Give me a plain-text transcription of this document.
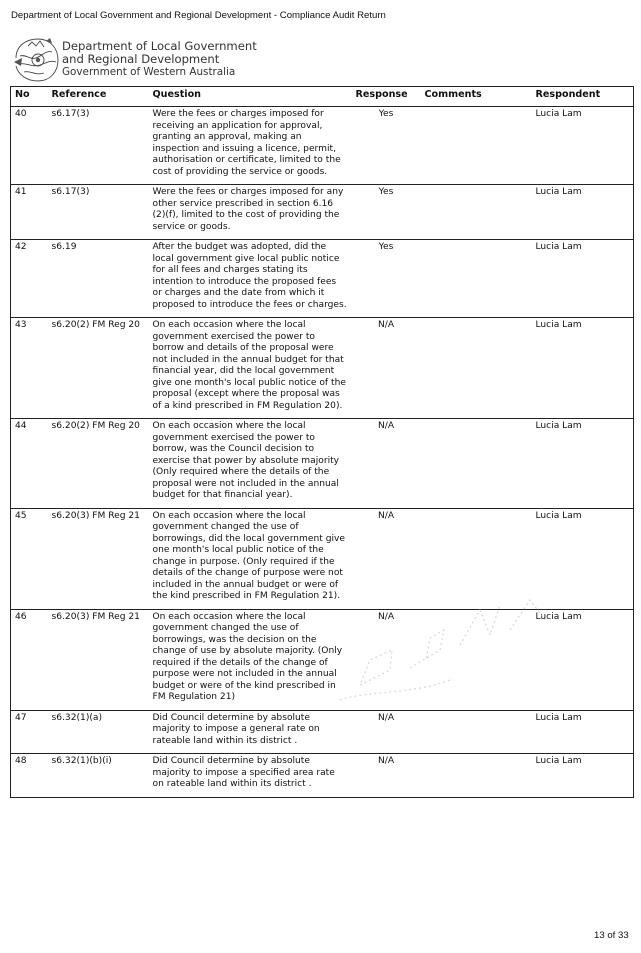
Department of Local Government and Regional Development - Compliance Audit Return
Department of Local Government
and Regional Development
Government of Western Australia
No	Reference	Question	Response	Comments	Respondent
40	s6.17(3)	Were the fees or charges imposed for receiving an application for approval, granting an approval, making an inspection and issuing a licence, permit, authorisation or certificate, limited to the cost of providing the service or goods.	Yes		Lucia Lam
41	s6.17(3)	Were the fees or charges imposed for any other service prescribed in section 6.16 (2)(f), limited to the cost of providing the service or goods.	Yes		Lucia Lam
42	s6.19	After the budget was adopted, did the local government give local public notice for all fees and charges stating its intention to introduce the proposed fees or charges and the date from which it proposed to introduce the fees or charges.	Yes		Lucia Lam
43	s6.20(2) FM Reg 20	On each occasion where the local government exercised the power to borrow and details of the proposal were not included in the annual budget for that financial year, did the local government give one month's local public notice of the proposal (except where the proposal was of a kind prescribed in FM Regulation 20).	N/A		Lucia Lam
44	s6.20(2) FM Reg 20	On each occasion where the local government exercised the power to borrow, was the Council decision to exercise that power by absolute majority (Only required where the details of the proposal were not included in the annual budget for that financial year).	N/A		Lucia Lam
45	s6.20(3) FM Reg 21	On each occasion where the local government changed the use of borrowings, did the local government give one month's local public notice of the change in purpose. (Only required if the details of the change of purpose were not included in the annual budget or were of the kind prescribed in FM Regulation 21).	N/A		Lucia Lam
46	s6.20(3) FM Reg 21	On each occasion where the local government changed the use of borrowings, was the decision on the change of use by absolute majority. (Only required if the details of the change of purpose were not included in the annual budget or were of the kind prescribed in FM Regulation 21)	N/A		Lucia Lam
47	s6.32(1)(a)	Did Council determine by absolute majority to impose a general rate on rateable land within its district .	N/A		Lucia Lam
48	s6.32(1)(b)(i)	Did Council determine by absolute majority to impose a specified area rate on rateable land within its district .	N/A		Lucia Lam
13 of 33
